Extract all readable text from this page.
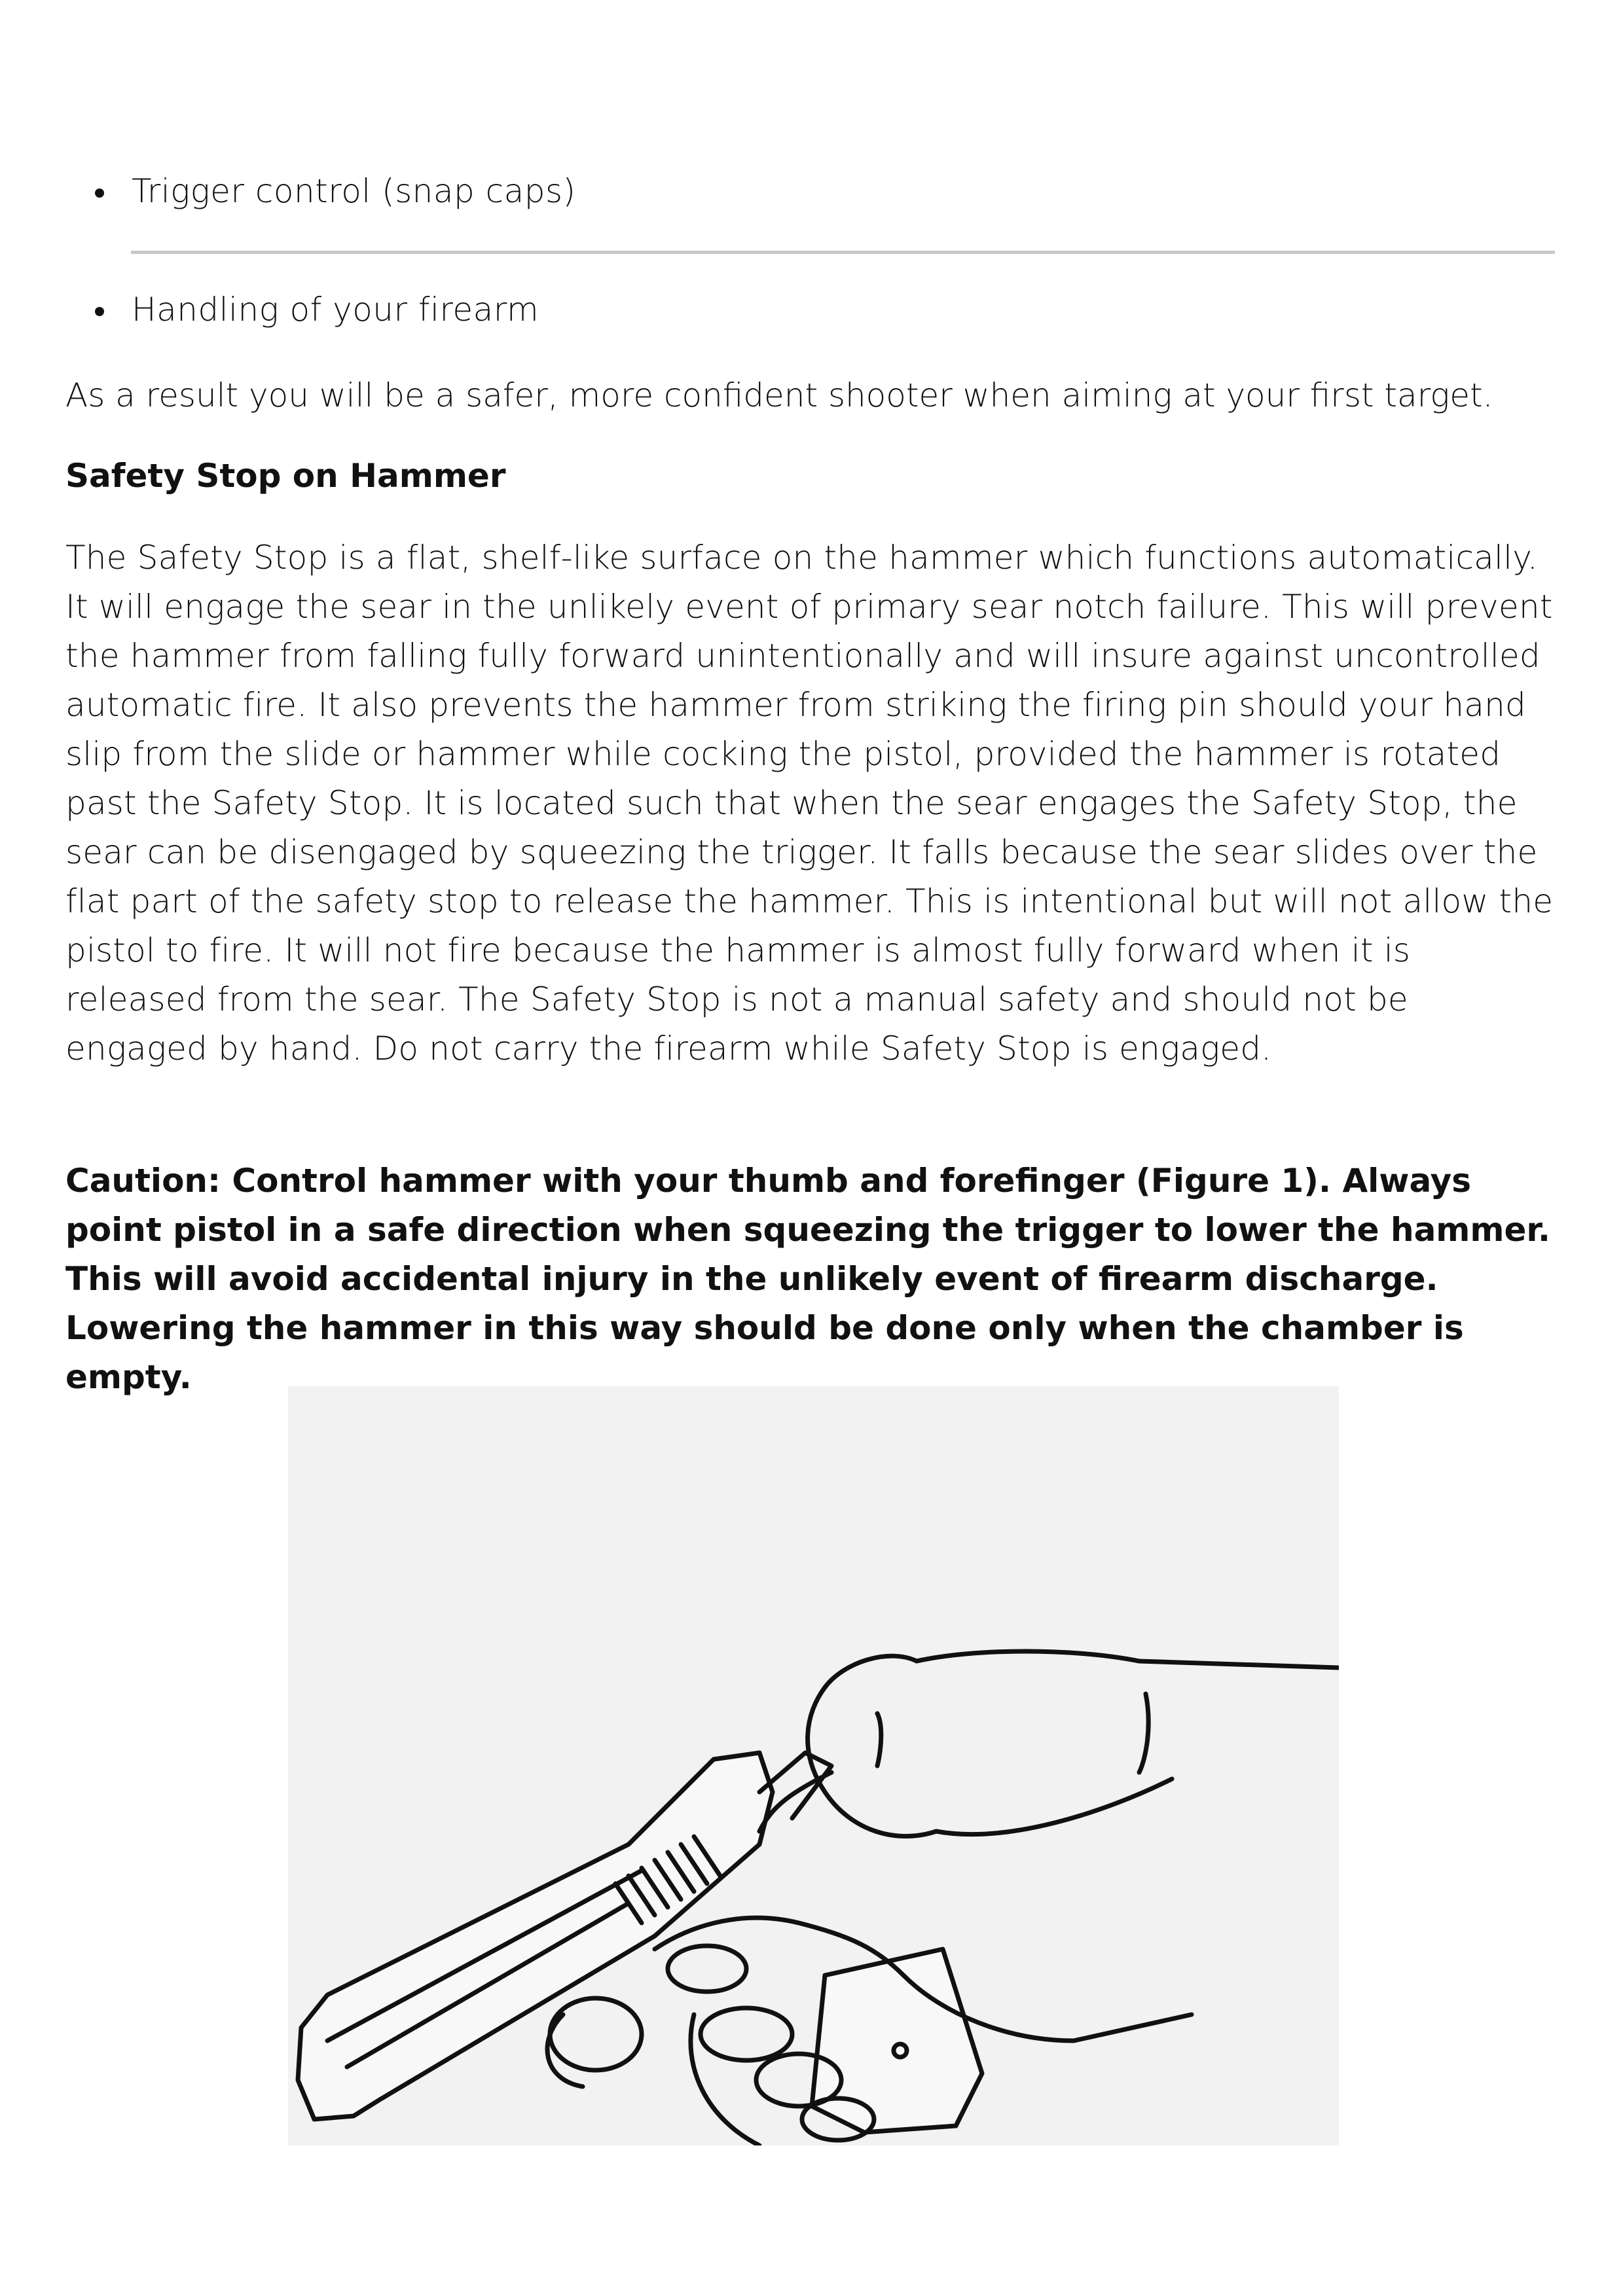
Trigger control (snap caps)
Handling of your firearm

As a result you will be a safer, more confident shooter when aiming at your first target.

Safety Stop on Hammer

The Safety Stop is a flat, shelf-like surface on the hammer which functions automatically. It will engage the sear in the unlikely event of primary sear notch failure. This will prevent the hammer from falling fully forward unintentionally and will insure against uncontrolled automatic fire. It also prevents the hammer from striking the firing pin should your hand slip from the slide or hammer while cocking the pistol, provided the hammer is rotated past the Safety Stop. It is located such that when the sear engages the Safety Stop, the sear can be disengaged by squeezing the trigger. It falls because the sear slides over the flat part of the safety stop to release the hammer. This is intentional but will not allow the pistol to fire. It will not fire because the hammer is almost fully forward when it is released from the sear. The Safety Stop is not a manual safety and should not be engaged by hand. Do not carry the firearm while Safety Stop is engaged.

Caution: Control hammer with your thumb and forefinger (Figure 1). Always point pistol in a safe direction when squeezing the trigger to lower the hammer. This will avoid accidental injury in the unlikely event of firearm discharge. Lowering the hammer in this way should be done only when the chamber is empty.
